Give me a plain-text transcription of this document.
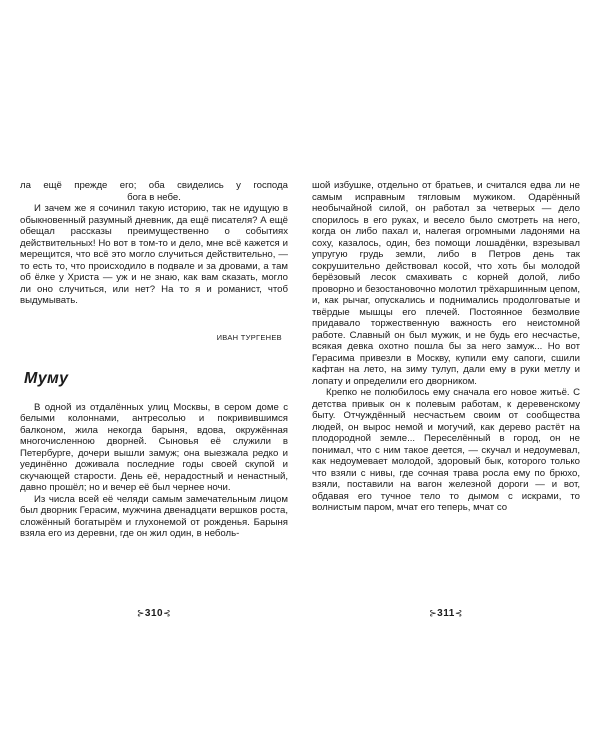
ла ещё прежде его; оба свиделись у господа

бога в небе.

И зачем же я сочинил такую историю, так не идущую в обыкновенный разумный дневник, да ещё писателя? А ещё обещал рассказы преимущественно о событиях действительных! Но вот в том-то и дело, мне всё кажется и мерещится, что всё это могло случиться действительно, — то есть то, что происходило в подвале и за дровами, а там об ёлке у Христа — уж и не знаю, как вам сказать, могло ли оно случиться, или нет? На то я и романист, чтоб выдумывать.

ИВАН ТУРГЕНЕВ

Муму

В одной из отдалённых улиц Москвы, в сером доме с белыми колоннами, антресолью и покривившимся балконом, жила некогда барыня, вдова, окружённая многочисленною дворней. Сыновья её служили в Петербурге, дочери вышли замуж; она выезжала редко и уединённо доживала последние годы своей скупой и скучающей старости. День её, нерадостный и ненастный, давно прошёл; но и вечер её был чернее ночи.

Из числа всей её челяди самым замечательным лицом был дворник Герасим, мужчина двенадцати вершков роста, сложённый богатырём и глухонемой от рожденья. Барыня взяла его из деревни, где он жил один, в неболь-

шой избушке, отдельно от братьев, и считался едва ли не самым исправным тягловым мужиком. Одарённый необычайной силой, он работал за четверых — дело спорилось в его руках, и весело было смотреть на него, когда он либо пахал и, налегая огромными ладонями на соху, казалось, один, без помощи лошадёнки, взрезывал упругую грудь земли, либо в Петров день так сокрушительно действовал косой, что хоть бы молодой берёзовый лесок смахивать с корней долой, либо проворно и безостановочно молотил трёхаршинным цепом, и, как рычаг, опускались и поднимались продолговатые и твёрдые мышцы его плечей. Постоянное безмолвие придавало торжественную важность его неистомной работе. Славный он был мужик, и не будь его несчастье, всякая девка охотно пошла бы за него замуж... Но вот Герасима привезли в Москву, купили ему сапоги, сшили кафтан на лето, на зиму тулуп, дали ему в руки метлу и лопату и определили его дворником.

Крепко не полюбилось ему сначала его новое житьё. С детства привык он к полевым работам, к деревенскому быту. Отчуждённый несчастьем своим от сообщества людей, он вырос немой и могучий, как дерево растёт на плодородной земле... Переселённый в город, он не понимал, что с ним такое деется, — скучал и недоумевал, как недоумевает молодой, здоровый бык, которого только что взяли с нивы, где сочная трава росла ему по брюхо, взяли, поставили на вагон железной дороги — и вот, обдавая его тучное тело то дымом с искрами, то волнистым паром, мчат его теперь, мчат со

⊱310⊰	⊱311⊰
